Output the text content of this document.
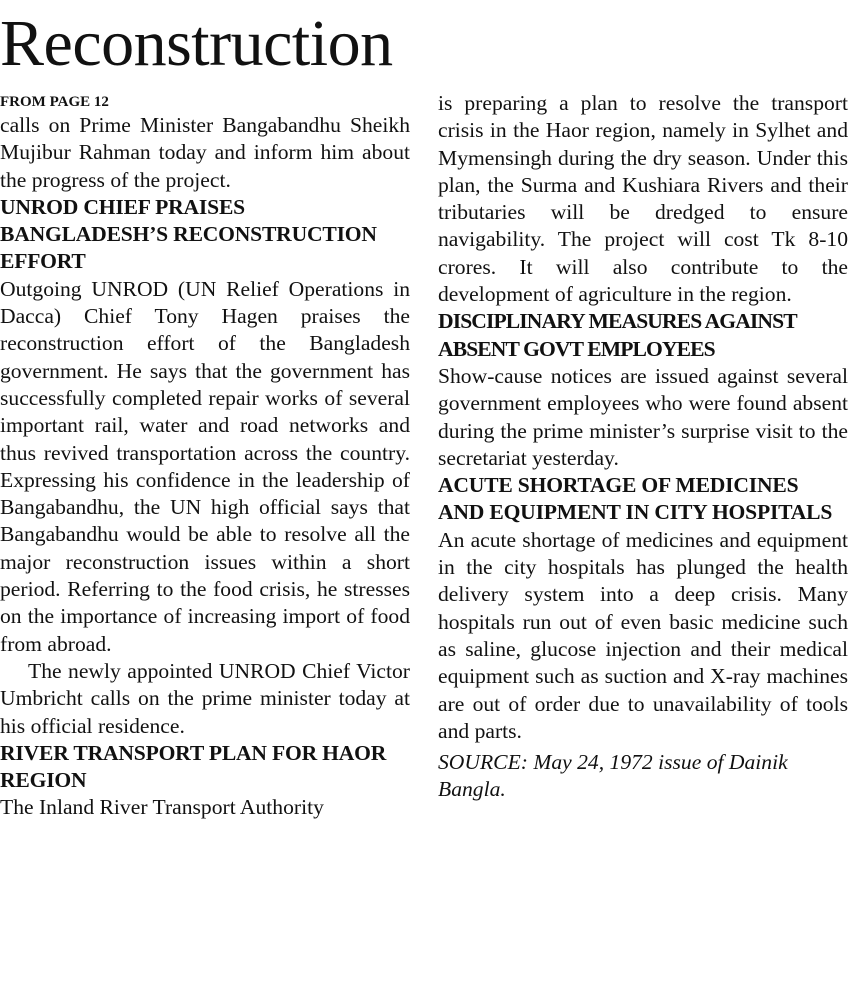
Reconstruction

FROM PAGE 12

calls on Prime Minister Bangabandhu Sheikh Mujibur Rahman today and inform him about the progress of the project.

UNROD CHIEF PRAISES BANGLADESH’S RECONSTRUCTION EFFORT

Outgoing UNROD (UN Relief Operations in Dacca) Chief Tony Hagen praises the reconstruction effort of the Bangladesh government. He says that the government has successfully completed repair works of several important rail, water and road networks and thus revived transportation across the country. Expressing his confidence in the leadership of Bangabandhu, the UN high official says that Bangabandhu would be able to resolve all the major reconstruction issues within a short period. Referring to the food crisis, he stresses on the importance of increasing import of food from abroad.

The newly appointed UNROD Chief Victor Umbricht calls on the prime minister today at his official residence.

RIVER TRANSPORT PLAN FOR HAOR REGION

The Inland River Transport Authority

is preparing a plan to resolve the transport crisis in the Haor region, namely in Sylhet and Mymensingh during the dry season. Under this plan, the Surma and Kushiara Rivers and their tributaries will be dredged to ensure navigability. The project will cost Tk 8-10 crores. It will also contribute to the development of agriculture in the region.

DISCIPLINARY MEASURES AGAINST ABSENT GOVT EMPLOYEES

Show-cause notices are issued against several government employees who were found absent during the prime minister’s surprise visit to the secretariat yesterday.

ACUTE SHORTAGE OF MEDICINES AND EQUIPMENT IN CITY HOSPITALS

An acute shortage of medicines and equipment in the city hospitals has plunged the health delivery system into a deep crisis. Many hospitals run out of even basic medicine such as saline, glucose injection and their medical equipment such as suction and X-ray machines are out of order due to unavailability of tools and parts.

SOURCE: May 24, 1972 issue of Dainik Bangla.
